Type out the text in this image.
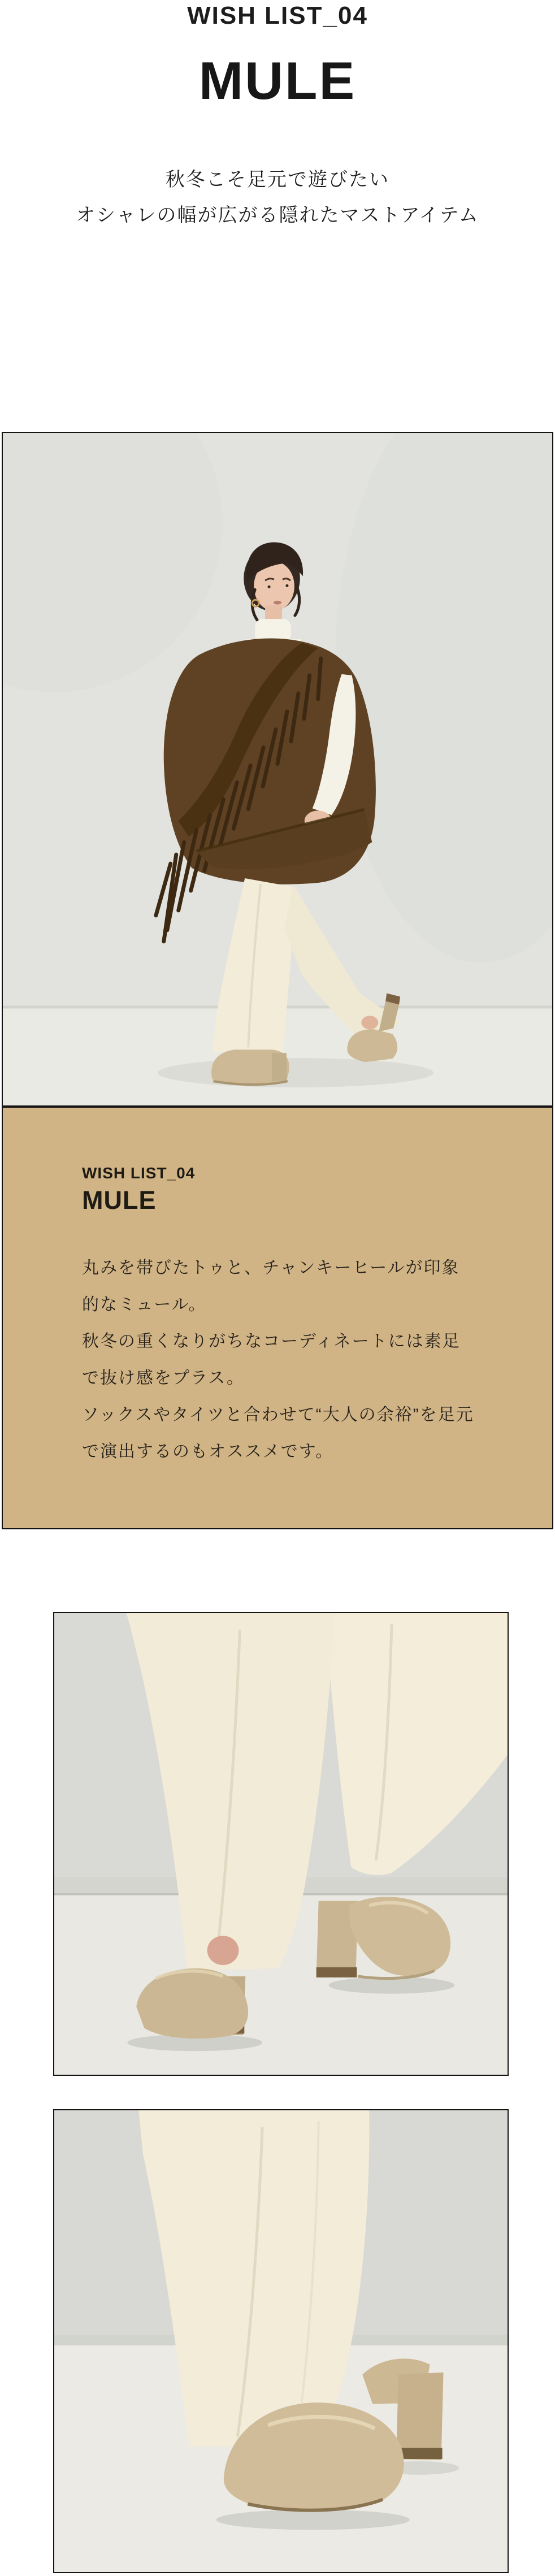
WISH LIST_04
MULE
秋冬こそ足元で遊びたい
オシャレの幅が広がる隠れたマストアイテム
WISH LIST_04
MULE
丸みを帯びたトゥと、チャンキーヒールが印象
的なミュール。
秋冬の重くなりがちなコーディネートには素足
で抜け感をプラス。
ソックスやタイツと合わせて“大人の余裕”を足元
で演出するのもオススメです。
